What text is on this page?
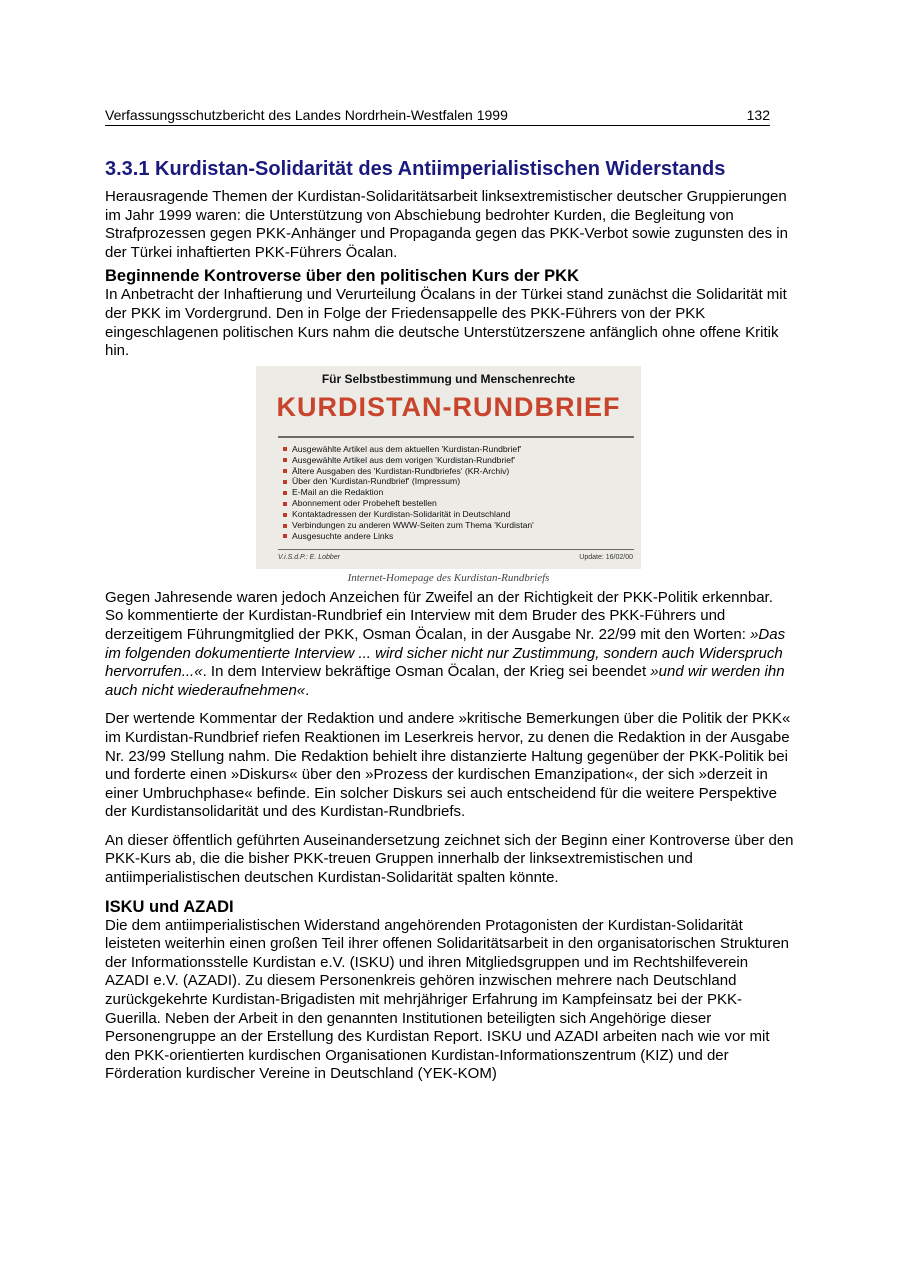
Verfassungsschutzbericht des Landes Nordrhein-Westfalen 1999	132
3.3.1 Kurdistan-Solidarität des Antiimperialistischen Widerstands

Herausragende Themen der Kurdistan-Solidaritätsarbeit linksextremistischer deutscher Gruppierungen im Jahr 1999 waren: die Unterstützung von Abschiebung bedrohter Kurden, die Begleitung von Strafprozessen gegen PKK-Anhänger und Propaganda gegen das PKK-Verbot sowie zugunsten des in der Türkei inhaftierten PKK-Führers Öcalan.

Beginnende Kontroverse über den politischen Kurs der PKK

In Anbetracht der Inhaftierung und Verurteilung Öcalans in der Türkei stand zunächst die Solidarität mit der PKK im Vordergrund. Den in Folge der Friedensappelle des PKK-Führers von der PKK eingeschlagenen politischen Kurs nahm die deutsche Unterstützerszene anfänglich ohne offene Kritik hin.

Für Selbstbestimmung und Menschenrechte
KURDISTAN-RUNDBRIEF
Ausgewählte Artikel aus dem aktuellen 'Kurdistan-Rundbrief'
Ausgewählte Artikel aus dem vorigen 'Kurdistan-Rundbrief'
Ältere Ausgaben des 'Kurdistan-Rundbriefes' (KR-Archiv)
Über den 'Kurdistan-Rundbrief' (Impressum)
E-Mail an die Redaktion
Abonnement oder Probeheft bestellen
Kontaktadressen der Kurdistan-Solidarität in Deutschland
Verbindungen zu anderen WWW-Seiten zum Thema 'Kurdistan'
Ausgesuchte andere Links
V.i.S.d.P.: E. Lobber	Update: 16/02/00
Internet-Homepage des Kurdistan-Rundbriefs

Gegen Jahresende waren jedoch Anzeichen für Zweifel an der Richtigkeit der PKK-Politik erkennbar. So kommentierte der Kurdistan-Rundbrief ein Interview mit dem Bruder des PKK-Führers und derzeitigem Führungmitglied der PKK, Osman Öcalan, in der Ausgabe Nr. 22/99 mit den Worten: »Das im folgenden dokumentierte Interview ... wird sicher nicht nur Zustimmung, sondern auch Widerspruch hervorrufen...«. In dem Interview bekräftige Osman Öcalan, der Krieg sei beendet »und wir werden ihn auch nicht wiederaufnehmen«.

Der wertende Kommentar der Redaktion und andere »kritische Bemerkungen über die Politik der PKK« im Kurdistan-Rundbrief riefen Reaktionen im Leserkreis hervor, zu denen die Redaktion in der Ausgabe Nr. 23/99 Stellung nahm. Die Redaktion behielt ihre distanzierte Haltung gegenüber der PKK-Politik bei und forderte einen »Diskurs« über den »Prozess der kurdischen Emanzipation«, der sich »derzeit in einer Umbruchphase« befinde. Ein solcher Diskurs sei auch entscheidend für die weitere Perspektive der Kurdistansolidarität und des Kurdistan-Rundbriefs.

An dieser öffentlich geführten Auseinandersetzung zeichnet sich der Beginn einer Kontroverse über den PKK-Kurs ab, die die bisher PKK-treuen Gruppen innerhalb der linksextremistischen und antiimperialistischen deutschen Kurdistan-Solidarität spalten könnte.

ISKU und AZADI

Die dem antiimperialistischen Widerstand angehörenden Protagonisten der Kurdistan-Solidarität leisteten weiterhin einen großen Teil ihrer offenen Solidaritätsarbeit in den organisatorischen Strukturen der Informationsstelle Kurdistan e.V. (ISKU) und ihren Mitgliedsgruppen und im Rechtshilfeverein AZADI e.V. (AZADI). Zu diesem Personenkreis gehören inzwischen mehrere nach Deutschland zurückgekehrte Kurdistan-Brigadisten mit mehrjähriger Erfahrung im Kampfeinsatz bei der PKK-Guerilla. Neben der Arbeit in den genannten Institutionen beteiligten sich Angehörige dieser Personengruppe an der Erstellung des Kurdistan Report. ISKU und AZADI arbeiten nach wie vor mit den PKK-orientierten kurdischen Organisationen Kurdistan-Informationszentrum (KIZ) und der Förderation kurdischer Vereine in Deutschland (YEK-KOM)
